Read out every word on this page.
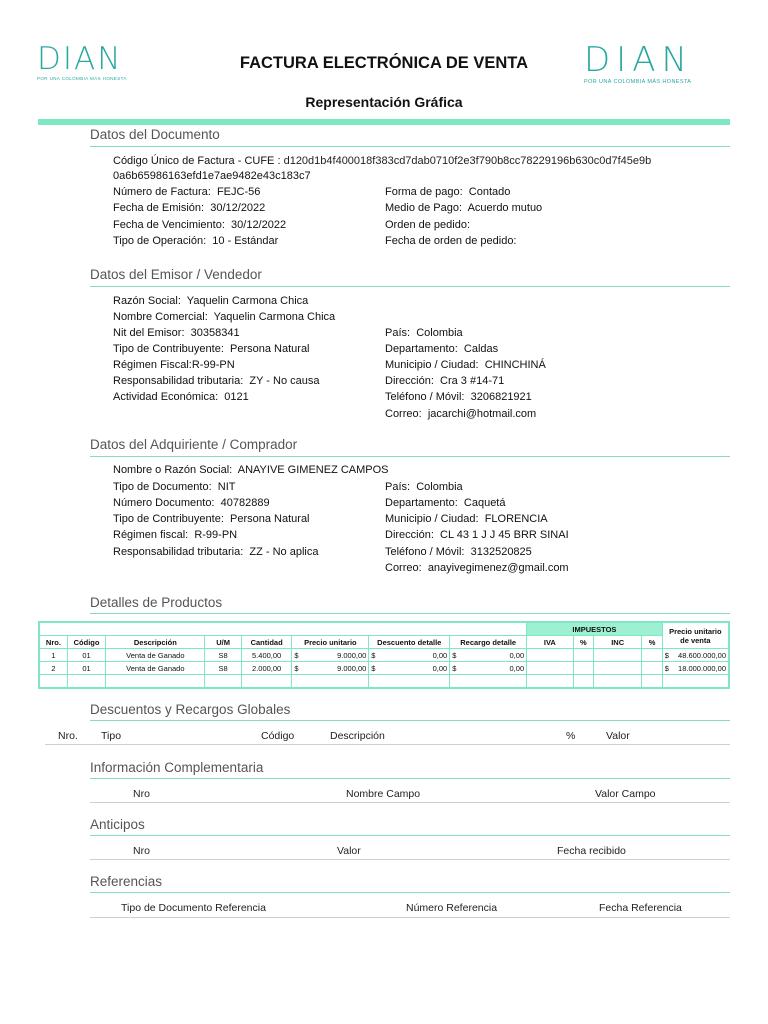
DIAN
POR UNA COLOMBIA MÁS HONESTA	DIAN
POR UNA COLOMBIA MÁS HONESTA
FACTURA ELECTRÓNICA DE VENTA
Representación Gráfica
Datos del Documento
Código Único de Factura - CUFE : d120d1b4f400018f383cd7dab0710f2e3f790b8cc78229196b630c0d7f45e9b
0a6b65986163efd1e7ae9482e43c183c7
Número de Factura: FEJC-56
Fecha de Emisión: 30/12/2022
Fecha de Vencimiento: 30/12/2022
Tipo de Operación: 10 - Estándar
Forma de pago: Contado
Medio de Pago: Acuerdo mutuo
Orden de pedido:
Fecha de orden de pedido:
Datos del Emisor / Vendedor
Razón Social: Yaquelin Carmona Chica
Nombre Comercial: Yaquelin Carmona Chica
Nit del Emisor: 30358341
Tipo de Contribuyente: Persona Natural
Régimen Fiscal:R-99-PN
Responsabilidad tributaria: ZY - No causa
Actividad Económica: 0121
País: Colombia
Departamento: Caldas
Municipio / Ciudad: CHINCHINÁ
Dirección: Cra 3 #14-71
Teléfono / Móvil: 3206821921
Correo: jacarchi@hotmail.com
Datos del Adquiriente / Comprador
Nombre o Razón Social: ANAYIVE GIMENEZ CAMPOS
Tipo de Documento: NIT
Número Documento: 40782889
Tipo de Contribuyente: Persona Natural
Régimen fiscal: R-99-PN
Responsabilidad tributaria: ZZ - No aplica
País: Colombia
Departamento: Caquetá
Municipio / Ciudad: FLORENCIA
Dirección: CL 43 1 J J 45 BRR SINAI
Teléfono / Móvil: 3132520825
Correo: anayivegimenez@gmail.com
Detalles de Productos
								IMPUESTOS				Precio unitario
de venta

Nro.	Código	Descripción	U/M	Cantidad	Precio unitario	Descuento detalle	Recargo detalle	IVA	%	INC	%	
1	01	Venta de Ganado	S8	5.400,00	$ 9.000,00	$ 0,00	$ 0,00					$ 48.600.000,00

2	01	Venta de Ganado	S8	2.000,00	$ 9.000,00	$ 0,00	$ 0,00					$ 18.000.000,00

Descuentos y Recargos Globales
Nro. Tipo	Código	Descripción	%	Valor
Información Complementaria
Nro	Nombre Campo	Valor Campo
Anticipos
Nro	Valor	Fecha recibido
Referencias
Tipo de Documento Referencia	Número Referencia	Fecha Referencia
